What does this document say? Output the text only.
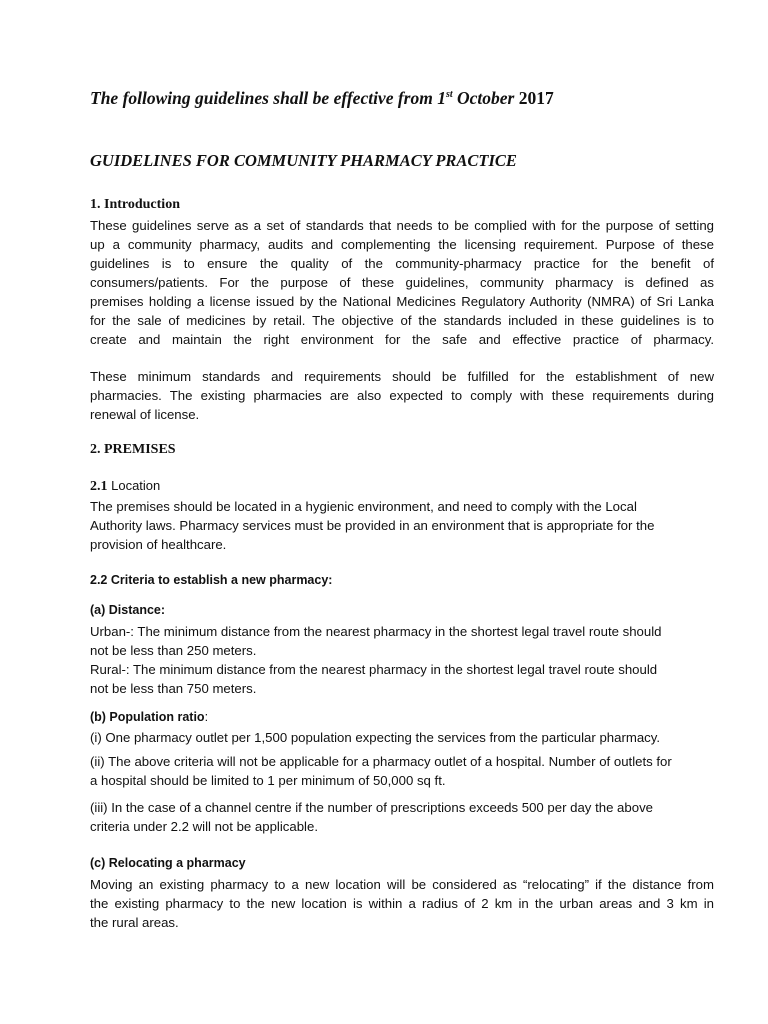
The following guidelines shall be effective from 1st October 2017
GUIDELINES FOR COMMUNITY PHARMACY PRACTICE
1. Introduction
These guidelines serve as a set of standards that needs to be complied with for the purpose of setting
up a community pharmacy, audits and complementing the licensing requirement. Purpose of these
guidelines is to ensure the quality of the community-pharmacy practice for the benefit of
consumers/patients. For the purpose of these guidelines, community pharmacy is defined as
premises holding a license issued by the National Medicines Regulatory Authority (NMRA) of Sri Lanka
for the sale of medicines by retail. The objective of the standards included in these guidelines is to
create and maintain the right environment for the safe and effective practice of pharmacy.
These minimum standards and requirements should be fulfilled for the establishment of new
pharmacies. The existing pharmacies are also expected to comply with these requirements during
renewal of license.
2. PREMISES
2.1 Location
The premises should be located in a hygienic environment, and need to comply with the Local
Authority laws. Pharmacy services must be provided in an environment that is appropriate for the
provision of healthcare.
2.2 Criteria to establish a new pharmacy:
(a) Distance:
Urban-: The minimum distance from the nearest pharmacy in the shortest legal travel route should
not be less than 250 meters.
Rural-: The minimum distance from the nearest pharmacy in the shortest legal travel route should
not be less than 750 meters.
(b) Population ratio:
(i) One pharmacy outlet per 1,500 population expecting the services from the particular pharmacy.
(ii) The above criteria will not be applicable for a pharmacy outlet of a hospital. Number of outlets for
a hospital should be limited to 1 per minimum of 50,000 sq ft.
(iii) In the case of a channel centre if the number of prescriptions exceeds 500 per day the above
criteria under 2.2 will not be applicable.
(c) Relocating a pharmacy
Moving an existing pharmacy to a new location will be considered as “relocating” if the distance from
the existing pharmacy to the new location is within a radius of 2 km in the urban areas and 3 km in
the rural areas.
